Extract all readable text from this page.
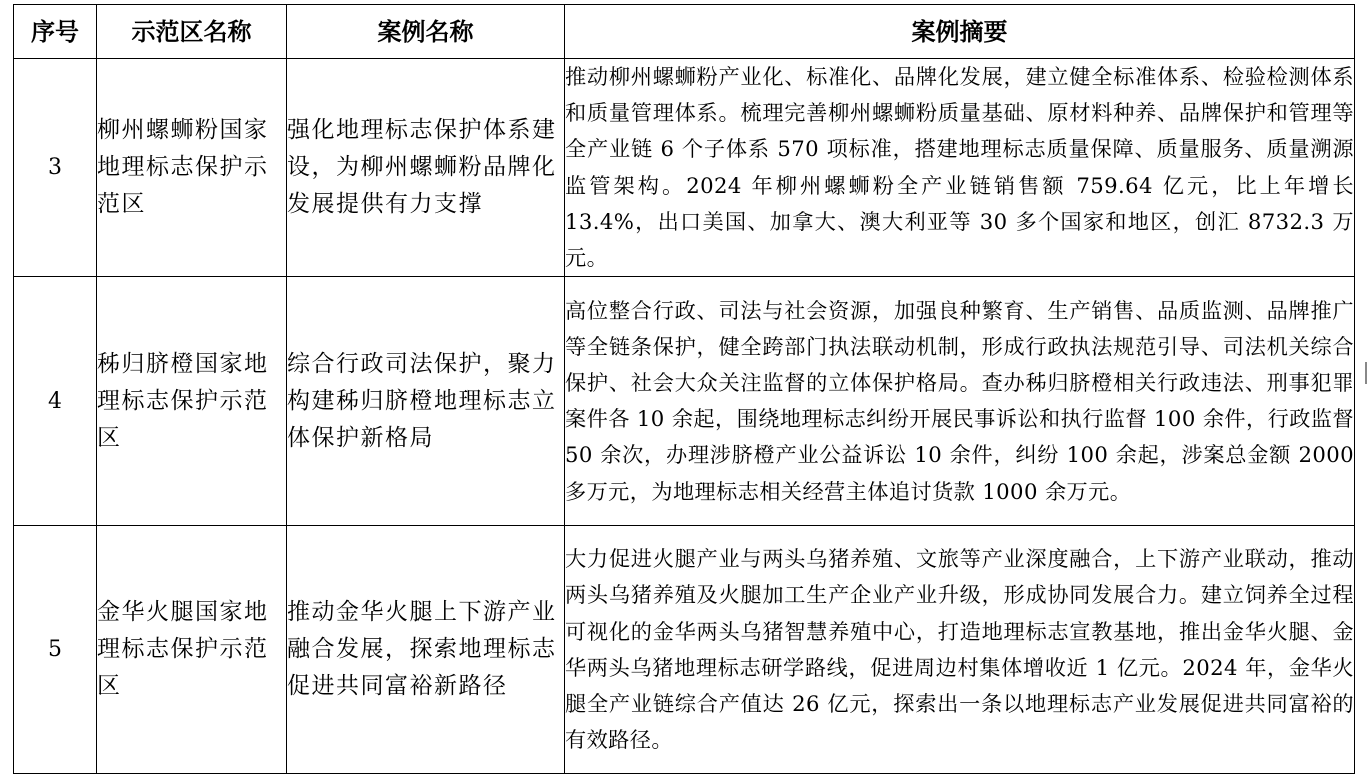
序号	示范区名称	案例名称	案例摘要
3	柳州螺蛳粉国家地理标志保护示范区	强化地理标志保护体系建设，为柳州螺蛳粉品牌化发展提供有力支撑	推动柳州螺蛳粉产业化、标准化、品牌化发展，建立健全标准体系、检验检测体系和质量管理体系。梳理完善柳州螺蛳粉质量基础、原材料种养、品牌保护和管理等全产业链 6 个子体系 570 项标准，搭建地理标志质量保障、质量服务、质量溯源监管架构。2024 年柳州螺蛳粉全产业链销售额 759.64 亿元，比上年增长 13.4%，出口美国、加拿大、澳大利亚等 30 多个国家和地区，创汇 8732.3 万元。
4	秭归脐橙国家地理标志保护示范区	综合行政司法保护，聚力构建秭归脐橙地理标志立体保护新格局	高位整合行政、司法与社会资源，加强良种繁育、生产销售、品质监测、品牌推广等全链条保护，健全跨部门执法联动机制，形成行政执法规范引导、司法机关综合保护、社会大众关注监督的立体保护格局。查办秭归脐橙相关行政违法、刑事犯罪案件各 10 余起，围绕地理标志纠纷开展民事诉讼和执行监督 100 余件，行政监督 50 余次，办理涉脐橙产业公益诉讼 10 余件，纠纷 100 余起，涉案总金额 2000 多万元，为地理标志相关经营主体追讨货款 1000 余万元。
5	金华火腿国家地理标志保护示范区	推动金华火腿上下游产业融合发展，探索地理标志促进共同富裕新路径	大力促进火腿产业与两头乌猪养殖、文旅等产业深度融合，上下游产业联动，推动两头乌猪养殖及火腿加工生产企业产业升级，形成协同发展合力。建立饲养全过程可视化的金华两头乌猪智慧养殖中心，打造地理标志宣教基地，推出金华火腿、金华两头乌猪地理标志研学路线，促进周边村集体增收近 1 亿元。2024 年，金华火腿全产业链综合产值达 26 亿元，探索出一条以地理标志产业发展促进共同富裕的有效路径。
